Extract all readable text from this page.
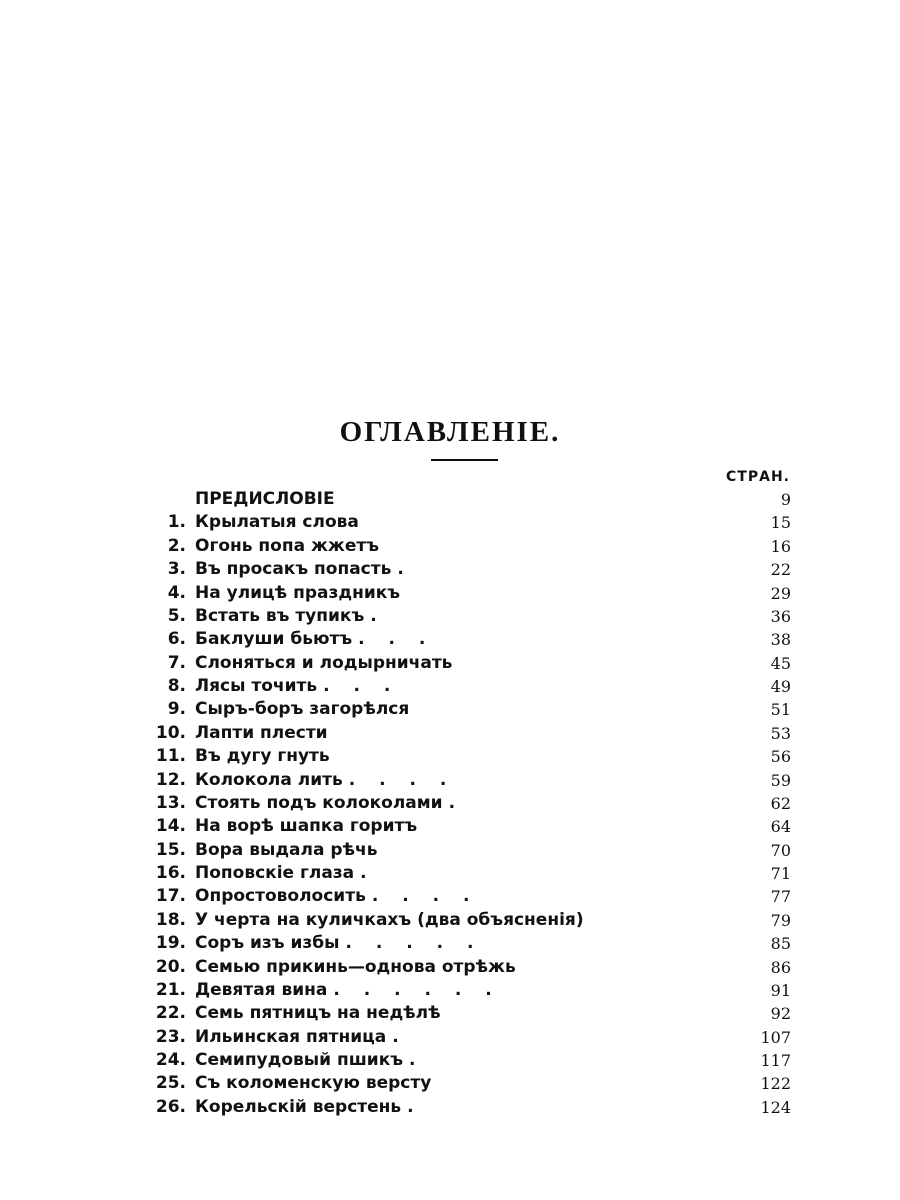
ОГЛАВЛЕНІЕ.
СТРАН.
ПРЕДИСЛОВІЕ	9
1. Крылатыя слова	15
2. Огонь попа жжетъ	16
3. Въ просакъ попасть .	22
4. На улицѣ праздникъ	29
5. Встать въ тупикъ .	36
6. Баклуши бьютъ . . .	38
7. Слоняться и лодырничать	45
8. Лясы точить . . .	49
9. Сыръ-боръ загорѣлся	51
10. Лапти плести	53
11. Въ дугу гнуть	56
12. Колокола лить . . . .	59
13. Стоять подъ колоколами .	62
14. На ворѣ шапка горитъ	64
15. Вора выдала рѣчь	70
16. Поповскіе глаза .	71
17. Опростоволосить . . . .	77
18. У черта на куличкахъ (два объясненія)	79
19. Соръ изъ избы . . . . .	85
20. Семью прикинь—однова отрѣжь	86
21. Девятая вина . . . . . .	91
22. Семь пятницъ на недѣлѣ	92
23. Ильинская пятница .	107
24. Семипудовый пшикъ .	117
25. Съ коломенскую версту	122
26. Корельскій верстень .	124
